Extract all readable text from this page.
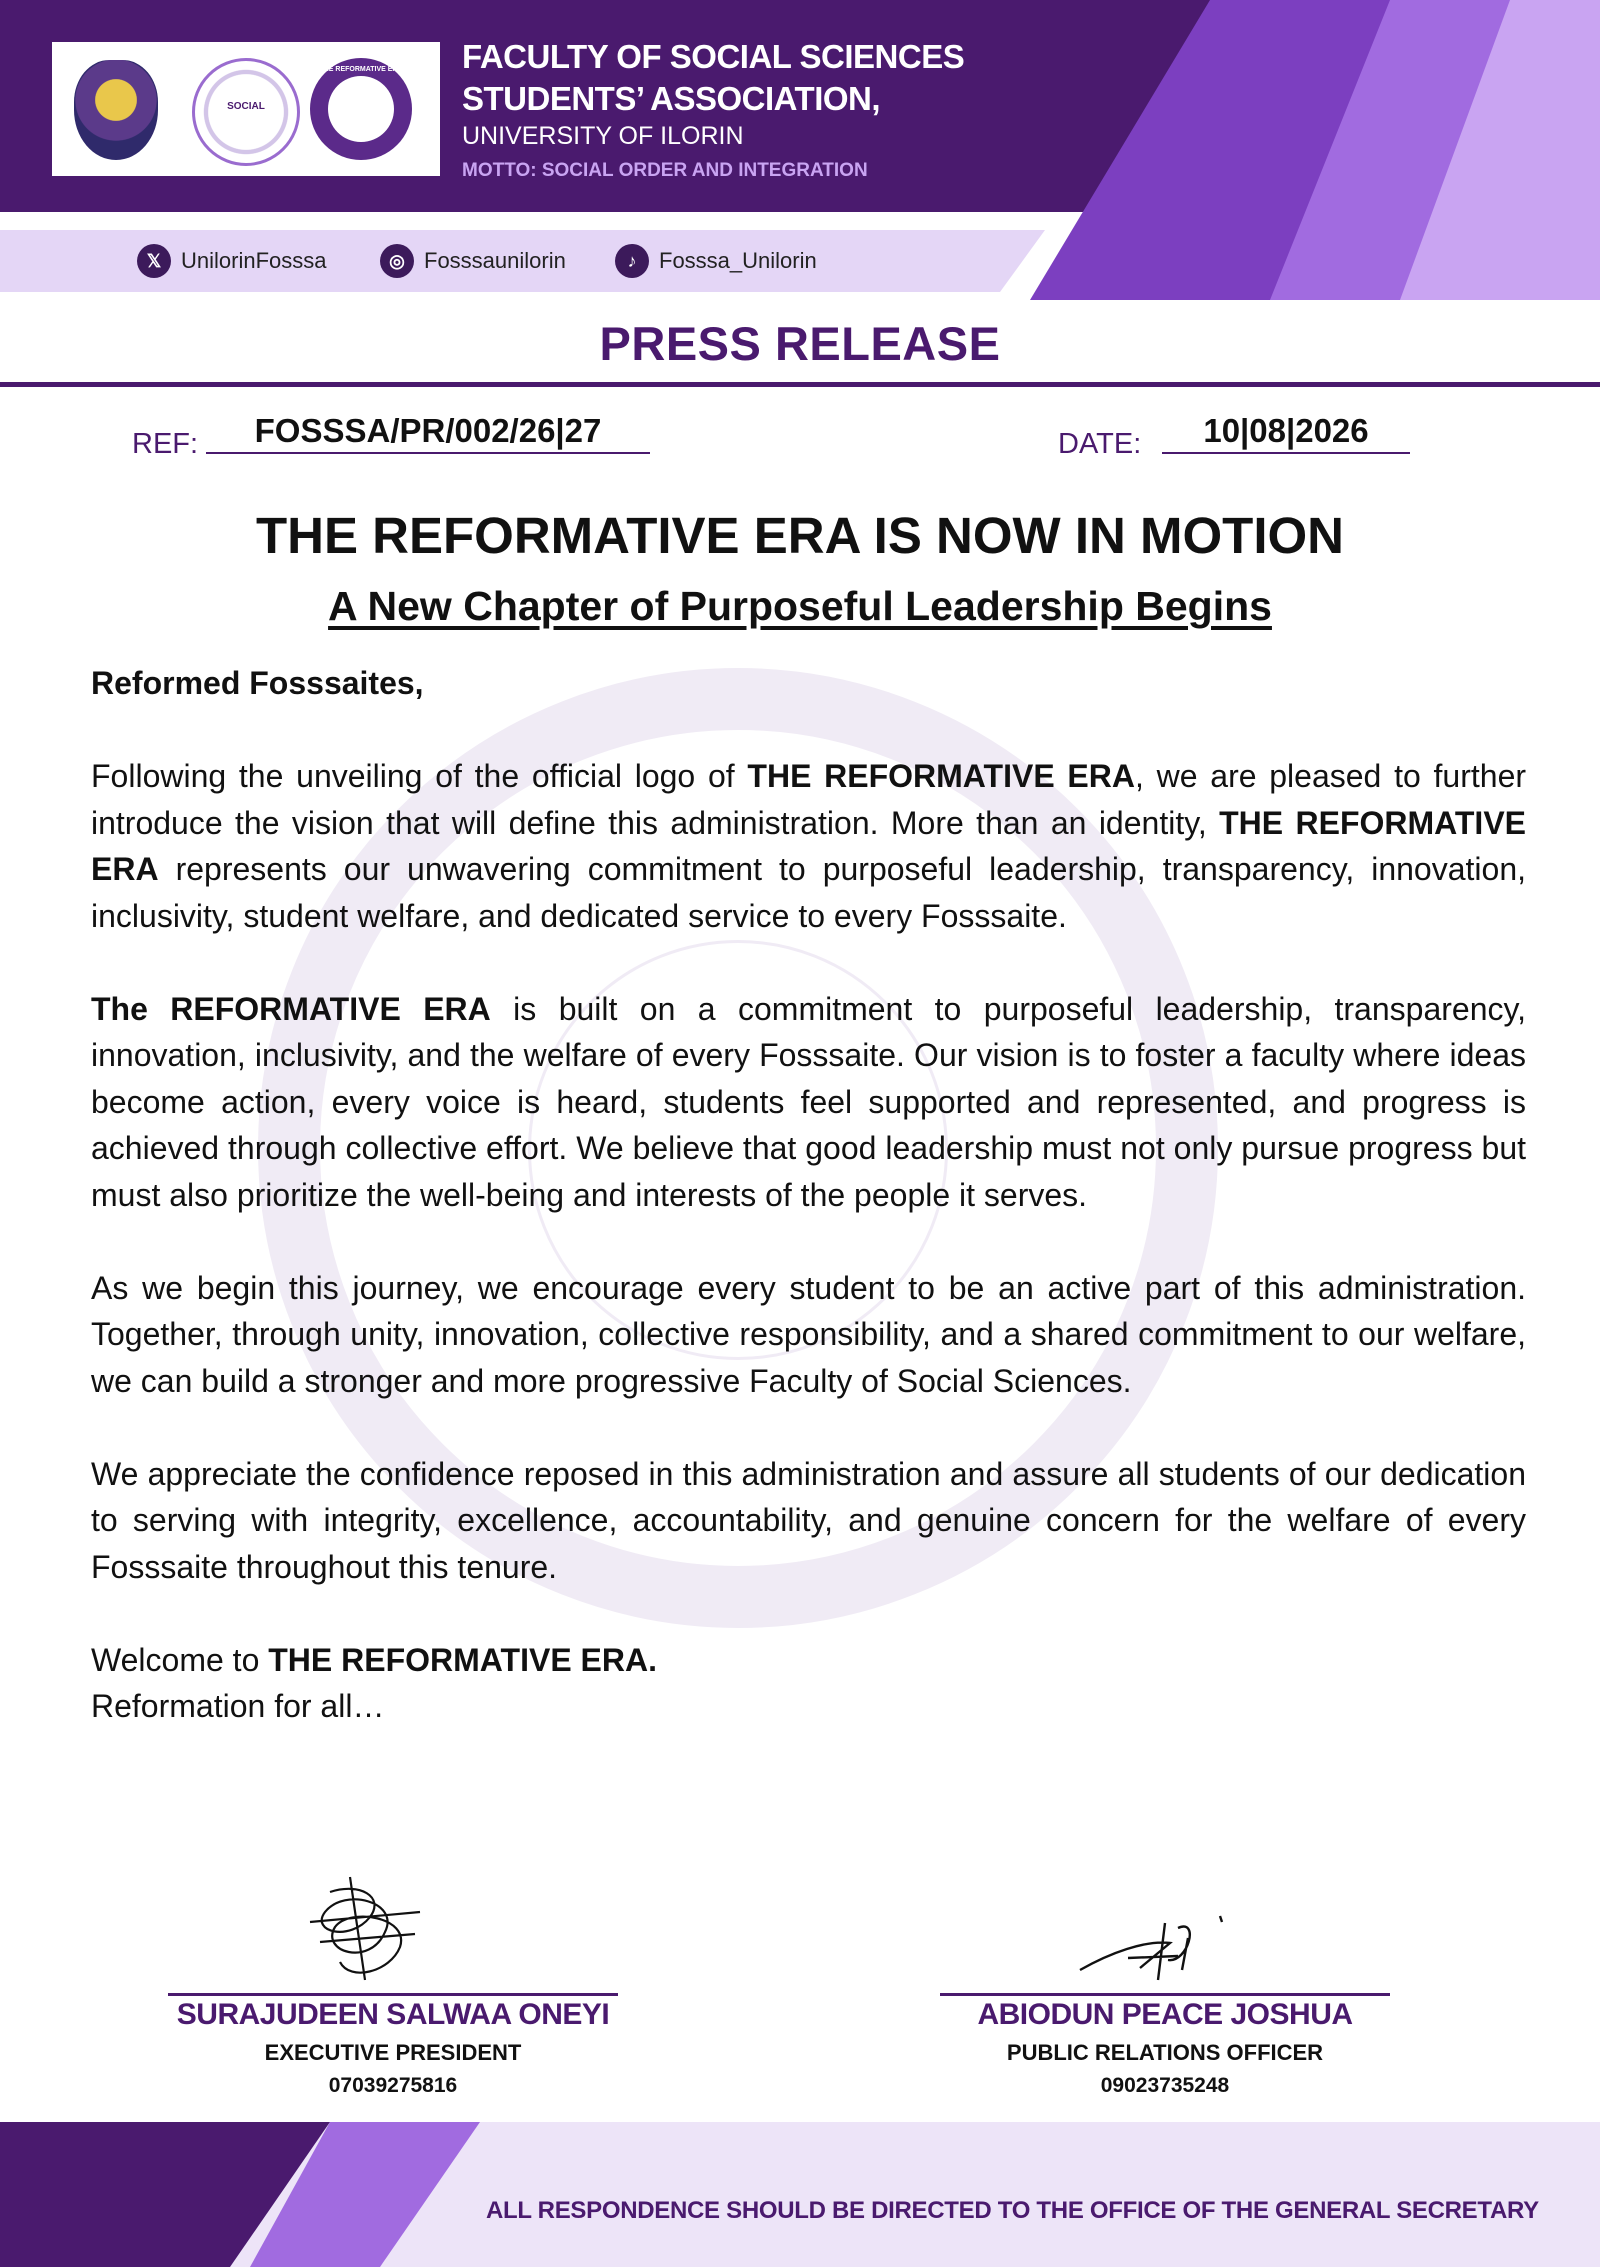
SOCIAL
THE REFORMATIVE ERA FACULTY OF SOCIAL SCIENCES
STUDENTS’ ASSOCIATION,
UNIVERSITY OF ILORIN
MOTTO: SOCIAL ORDER AND INTEGRATION
𝕏 UnilorinFosssa	◎ Fosssaunilorin	♪	Fosssa_Unilorin
PRESS RELEASE
REF:	FOSSSA/PR/002/26|27	DATE:	10|08|2026
THE REFORMATIVE ERA IS NOW IN MOTION
A New Chapter of Purposeful Leadership Begins

Reformed Fosssaites,

Following the unveiling of the official logo of THE REFORMATIVE ERA, we are pleased to further introduce the vision that will define this administration. More than an identity, THE REFORMATIVE ERA represents our unwavering commitment to purposeful leadership, transparency, innovation, inclusivity, student welfare, and dedicated service to every Fosssaite.

The REFORMATIVE ERA is built on a commitment to purposeful leadership, transparency, innovation, inclusivity, and the welfare of every Fosssaite. Our vision is to foster a faculty where ideas become action, every voice is heard, students feel supported and represented, and progress is achieved through collective effort. We believe that good leadership must not only pursue progress but must also prioritize the well-being and interests of the people it serves.

As we begin this journey, we encourage every student to be an active part of this administration. Together, through unity, innovation, collective responsibility, and a shared commitment to our welfare, we can build a stronger and more progressive Faculty of Social Sciences.

We appreciate the confidence reposed in this administration and assure all students of our dedication to serving with integrity, excellence, accountability, and genuine concern for the welfare of every Fosssaite throughout this tenure.

Welcome to THE REFORMATIVE ERA.

Reformation for all…

SURAJUDEEN SALWAA ONEYI
EXECUTIVE PRESIDENT
07039275816
ABIODUN PEACE JOSHUA
PUBLIC RELATIONS OFFICER
09023735248
ALL RESPONDENCE SHOULD BE DIRECTED TO THE OFFICE OF THE GENERAL SECRETARY
